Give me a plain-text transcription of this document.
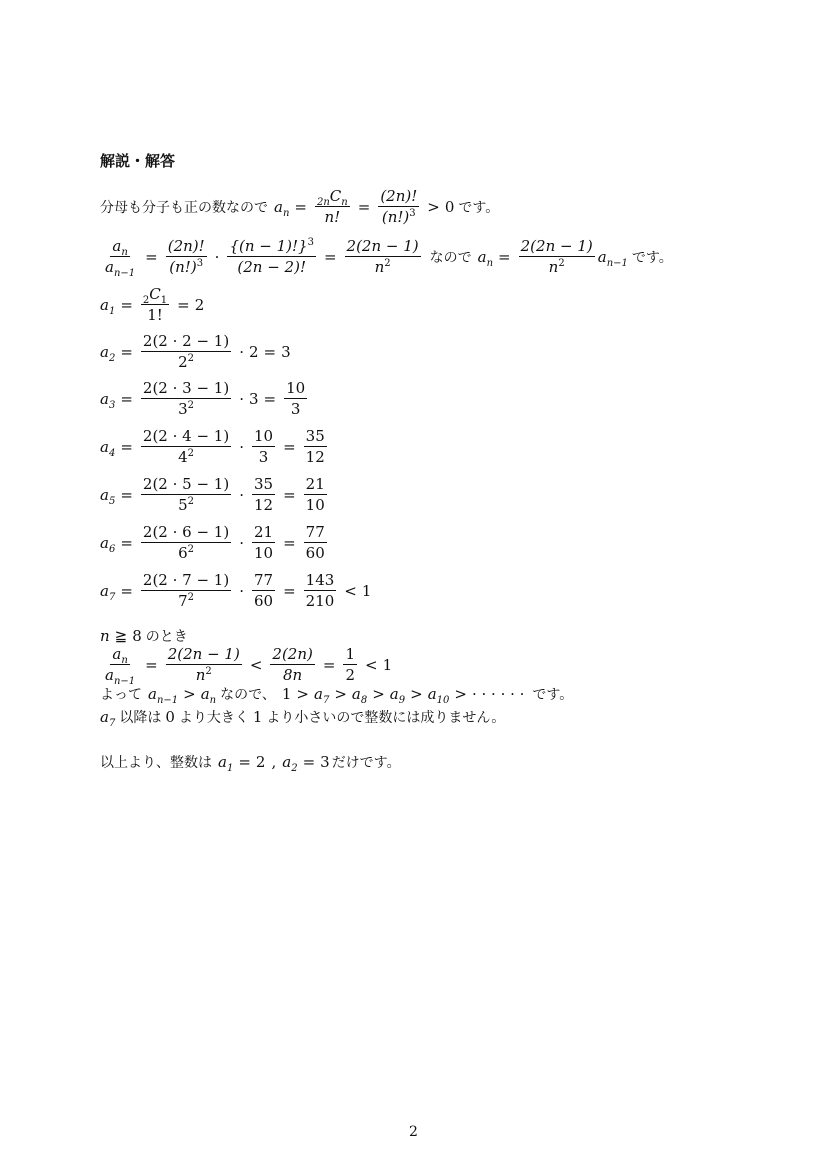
解説・解答
分母も分子も正の数なので $a_n = \frac{_{2n}C_n}{n!} = \frac{(2n)!}{(n!)^3} > 0$ です。
$\frac{a_n}{a_{n-1}} = \frac{(2n)!}{(n!)^3} \cdot \frac{\{(n - 1)!\}^3}{(2n - 2)!} = \frac{2(2n - 1)}{n^2}$ なので $a_n = \frac{2(2n - 1)}{n^2} a_{n-1}$ です。
$a_1 = \frac{_2C_1}{1!} = 2$
$a_2 = \frac{2(2 \cdot 2 - 1)}{2^2} \cdot 2 = 3$
$a_3 = \frac{2(2 \cdot 3 - 1)}{3^2} \cdot 3 = \frac{10}{3}$
$a_4 = \frac{2(2 \cdot 4 - 1)}{4^2} \cdot \frac{10}{3} = \frac{35}{12}$
$a_5 = \frac{2(2 \cdot 5 - 1)}{5^2} \cdot \frac{35}{12} = \frac{21}{10}$
$a_6 = \frac{2(2 \cdot 6 - 1)}{6^2} \cdot \frac{21}{10} = \frac{77}{60}$
$a_7 = \frac{2(2 \cdot 7 - 1)}{7^2} \cdot \frac{77}{60} = \frac{143}{210} < 1$
n ≧ 8 のとき
$\frac{a_n}{a_{n-1}} = \frac{2(2n - 1)}{n^2} < \frac{2(2n)}{8n} = \frac{1}{2} < 1$
よって $a_{n-1} > a_n$ なので、 $1 > a_7 > a_8 > a_9 > a_{10}$ > · · · · · · です。
$a_7$ 以降は 0 より大きく 1 より小さいので整数には成りません。
以上より、整数は $a_1 = 2$ , $a_2 = 3$ だけです。
2
